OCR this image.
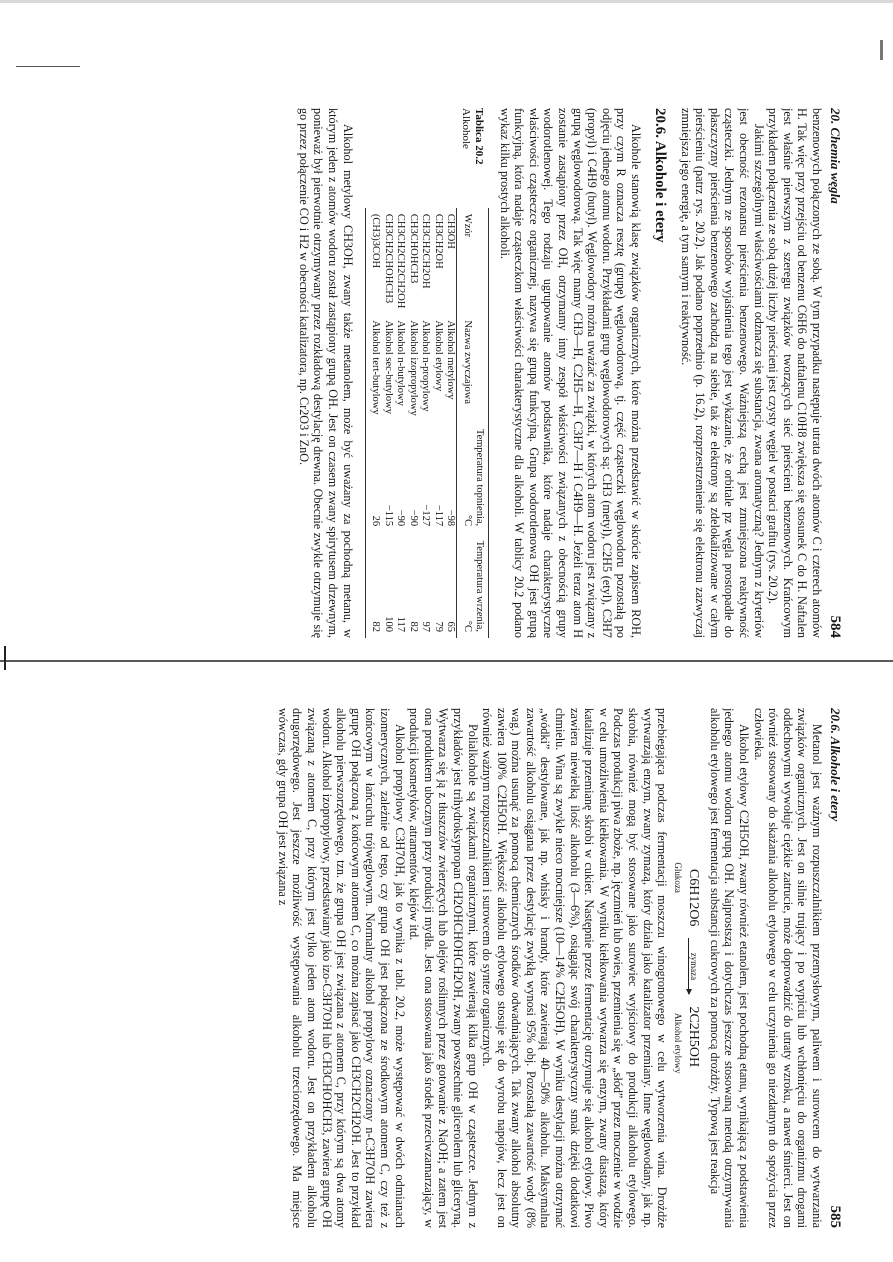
20. Chemia węgla
584

benzenowych połączonych ze sobą. W tym przypadku następuje utrata dwóch atomów C i czterech atomów H. Tak więc przy przejściu od benzenu C6H6 do naftalenu C10H8 zwiększa się stosunek C do H. Naftalen jest właśnie pierwszym z szeregu związków tworzących sieć pierścieni benzenowych. Krańcowym przykładem połączenia ze sobą dużej liczby pierścieni jest czysty węgiel w postaci grafitu (rys. 20.2).

Jakimi szczególnymi właściwościami odznacza się substancja, zwana aromatyczną? Jednym z kryteriów jest obecność rezonansu pierścienia benzenowego. Ważniejszą cechą jest zmniejszona reaktywność cząsteczki. Jednym ze sposobów wyjaśnienia tego jest wykazanie, że orbitale pz węgla prostopadłe do płaszczyzny pierścienia benzenowego zachodzą na siebie, tak że elektrony są zdelokalizowane w całym pierścieniu (patrz rys. 20.2). Jak podano poprzednio (p. 16.2), rozprzestrzenienie się elektronu zazwyczaj zmniejsza jego energię, a tym samym i reaktywność.

20.6. Alkohole i etery

Alkohole stanowią klasę związków organicznych, które można przedstawić w skrócie zapisem ROH, przy czym R oznacza resztę (grupę) węglowodorową, tj. część cząsteczki węglowodoru pozostałą po odjęciu jednego atomu wodoru. Przykładami grup węglowodorowych są: CH3 (metyl), C2H5 (etyl), C3H7 (propyl) i C4H9 (butyl). Węglowodory można uważać za związki, w których atom wodoru jest związany z grupą węglowodorową. Tak więc mamy CH3—H, C2H5—H, C3H7—H i C4H9—H. Jeżeli teraz atom H zostanie zastąpiony przez OH, otrzymamy inny zespół właściwości związanych z obecnością grupy wodorotlenowej. Tego rodzaju ugrupowanie atomów podstawnika, które nadaje charakterystyczne właściwości cząsteczce organicznej, nazywa się grupą funkcyjną. Grupa wodorotlenowa OH jest grupą funkcyjną, która nadaje cząsteczkom właściwości charakterystyczne dla alkoholi. W tablicy 20.2 podano wykaz kilku prostych alkoholi.

Tablica 20.2
Alkohole
Wzór	Nazwa zwyczajowa	Temperatura topnienia, °C	Temperatura wrzenia, °C
CH3OH	Alkohol metylowy	−98	65
CH3CH2OH	Alkohol etylowy	−117	79
CH3CH2CH2OH	Alkohol n-propylowy	−127	97
CH3CHOHCH3	Alkohol izopropylowy	−90	82
CH3CH2CH2CH2OH	Alkohol n-butylowy	−90	117
CH3CH2CHOHCH3	Alkohol sec-butylowy	−115	100
(CH3)3COH	Alkohol tert-butylowy	26	82

Alkohol metylowy CH3OH, zwany także metanolem, może być uważany za pochodną metanu, w którym jeden z atomów wodoru został zastąpiony grupą OH. Jest on czasem zwany spirytusem drzewnym, ponieważ był pierwotnie otrzymywany przez rozkładową destylację drewna. Obecnie zwykle otrzymuje się go przez połączenie CO i H2 w obecności katalizatora, np. Cr2O3 i ZnO.

20.6. Alkohole i etery
585

Metanol jest ważnym rozpuszczalnikiem przemysłowym, paliwem i surowcem do wytwarzania związków organicznych. Jest on silnie trujący i po wypiciu lub wchłonięciu do organizmu drogami oddechowymi wywołuje ciężkie zatrucie, może doprowadzić do utraty wzroku, a nawet śmierci. Jest on również stosowany do skażania alkoholu etylowego w celu uczynienia go niezdatnym do spożycia przez człowieka.

Alkohol etylowy C2H5OH, zwany również etanolem, jest pochodną etanu, wynikającą z podstawienia jednego atomu wodoru grupą OH. Najprostszą i dotychczas jeszcze stosowaną metodą otrzymywania alkoholu etylowego jest fermentacja substancji cukrowych za pomocą drożdży. Typową jest reakcja

C6H12O6
zymaza
2C2H5OH
Glukoza
Alkohol etylowy

przebiegająca podczas fermentacji moszczu winogronowego w celu wytworzenia wina. Drożdże wytwarzają enzym, zwany zymazą, który działa jako katalizator przemiany. Inne węglowodany, jak np. skrobia, również mogą być stosowane jako surowiec wyjściowy do produkcji alkoholu etylowego. Podczas produkcji piwa zboże, np. jęczmień lub owies, przemienia się w „słód” przez moczenie w wodzie w celu umożliwienia kiełkowania. W wyniku kiełkowania wytwarza się enzym, zwany diastazą, który katalizuje przemianę skrobi w cukier. Następnie przez fermentację otrzymuje się alkohol etylowy. Piwo zawiera niewielką ilość alkoholu (3—6%), osiągając swój charakterystyczny smak dzięki dodatkowi chmielu. Wina są zwykle nieco mocniejsze (10—14% C2H5OH). W wyniku destylacji można otrzymać „wódki” destylowane, jak np. whisky i brandy, które zawierają 40—50% alkoholu. Maksymalna zawartość alkoholu osiągana przez destylację zwykłą wynosi 95% obj. Pozostałą zawartość wody (8% wag.) można usunąć za pomocą chemicznych środków odwadniających. Tak zwany alkohol absolutny zawiera 100% C2H5OH. Większość alkoholu etylowego stosuje się do wyrobu napojów, lecz jest on również ważnym rozpuszczalnikiem i surowcem do syntez organicznych.

Polialkohole są związkami organicznymi, które zawierają kilka grup OH w cząsteczce. Jednym z przykładów jest trihydroksypropan CH2OHCHOHCH2OH, zwany powszechnie glicerolem lub gliceryną. Wytwarza się ją z tłuszczów zwierzęcych lub olejów roślinnych przez gotowanie z NaOH; a zatem jest ona produktem ubocznym przy produkcji mydła. Jest ona stosowana jako środek przeciwzamarzający, w produkcji kosmetyków, atramentów, klejów itd.

Alkohol propylowy C3H7OH, jak to wynika z tabl. 20.2, może występować w dwóch odmianach izomerycznych, zależnie od tego, czy grupa OH jest połączona ze środkowym atomem C, czy też z końcowym w łańcuchu trójwęglowym. Normalny alkohol propylowy oznaczony n-C3H7OH zawiera grupę OH połączoną z końcowym atomem C, co można zapisać jako CH3CH2CH2OH. Jest to przykład alkoholu pierwszorzędowego, tzn. że grupa OH jest związana z atomem C, przy którym są dwa atomy wodoru. Alkohol izopropylowy, przedstawiany jako izo-C3H7OH lub CH3CHOHCH3, zawiera grupę OH związaną z atomem C, przy którym jest tylko jeden atom wodoru. Jest on przykładem alkoholu drugorzędowego. Jest jeszcze możliwość występowania alkoholu trzeciorzędowego. Ma miejsce wówczas, gdy grupa OH jest związana z
